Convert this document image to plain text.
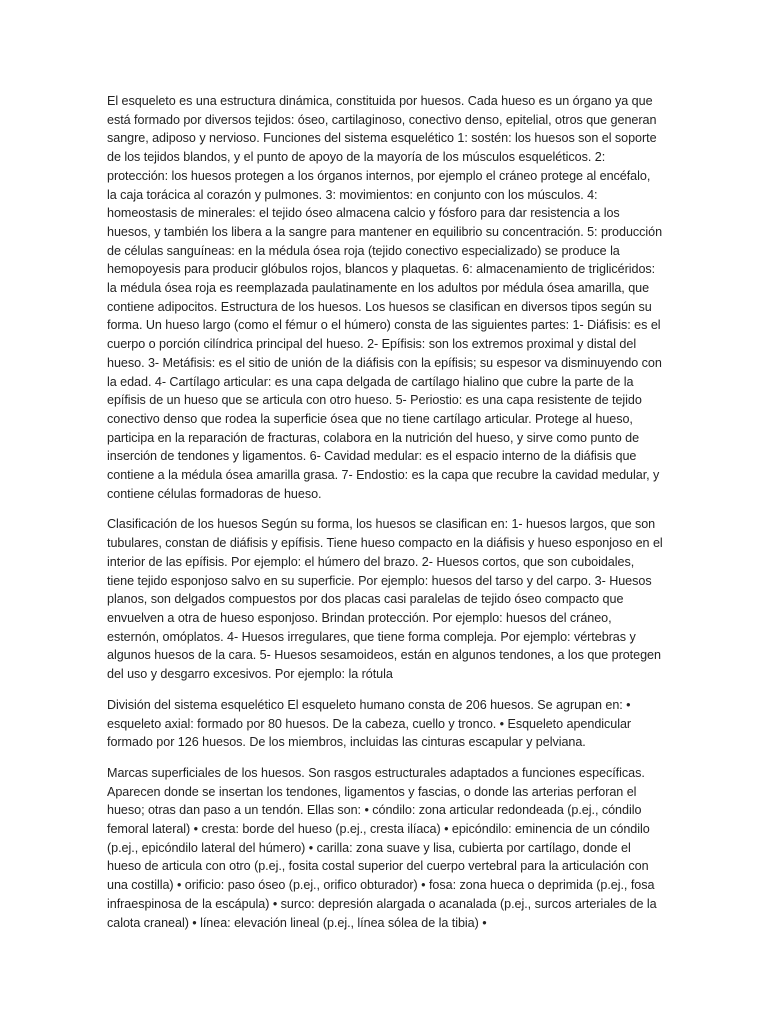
El esqueleto es una estructura dinámica, constituida por huesos. Cada hueso es un órgano ya que está formado por diversos tejidos: óseo, cartilaginoso, conectivo denso, epitelial, otros que generan sangre, adiposo y nervioso. Funciones del sistema esquelético 1: sostén: los huesos son el soporte de los tejidos blandos, y el punto de apoyo de la mayoría de los músculos esqueléticos. 2: protección: los huesos protegen a los órganos internos, por ejemplo el cráneo protege al encéfalo, la caja torácica al corazón y pulmones. 3: movimientos: en conjunto con los músculos. 4: homeostasis de minerales: el tejido óseo almacena calcio y fósforo para dar resistencia a los huesos, y también los libera a la sangre para mantener en equilibrio su concentración. 5: producción de células sanguíneas: en la médula ósea roja (tejido conectivo especializado) se produce la hemopoyesis para producir glóbulos rojos, blancos y plaquetas. 6: almacenamiento de triglicéridos: la médula ósea roja es reemplazada paulatinamente en los adultos por médula ósea amarilla, que contiene adipocitos. Estructura de los huesos. Los huesos se clasifican en diversos tipos según su forma. Un hueso largo (como el fémur o el húmero) consta de las siguientes partes: 1- Diáfisis: es el cuerpo o porción cilíndrica principal del hueso. 2- Epífisis: son los extremos proximal y distal del hueso. 3- Metáfisis: es el sitio de unión de la diáfisis con la epífisis; su espesor va disminuyendo con la edad. 4- Cartílago articular: es una capa delgada de cartílago hialino que cubre la parte de la epífisis de un hueso que se articula con otro hueso. 5- Periostio: es una capa resistente de tejido conectivo denso que rodea la superficie ósea que no tiene cartílago articular. Protege al hueso, participa en la reparación de fracturas, colabora en la nutrición del hueso, y sirve como punto de inserción de tendones y ligamentos. 6- Cavidad medular: es el espacio interno de la diáfisis que contiene a la médula ósea amarilla grasa. 7- Endostio: es la capa que recubre la cavidad medular, y contiene células formadoras de hueso.

Clasificación de los huesos Según su forma, los huesos se clasifican en: 1- huesos largos, que son tubulares, constan de diáfisis y epífisis. Tiene hueso compacto en la diáfisis y hueso esponjoso en el interior de las epífisis. Por ejemplo: el húmero del brazo. 2- Huesos cortos, que son cuboidales, tiene tejido esponjoso salvo en su superficie. Por ejemplo: huesos del tarso y del carpo. 3- Huesos planos, son delgados compuestos por dos placas casi paralelas de tejido óseo compacto que envuelven a otra de hueso esponjoso. Brindan protección. Por ejemplo: huesos del cráneo, esternón, omóplatos. 4- Huesos irregulares, que tiene forma compleja. Por ejemplo: vértebras y algunos huesos de la cara. 5- Huesos sesamoideos, están en algunos tendones, a los que protegen del uso y desgarro excesivos. Por ejemplo: la rótula

División del sistema esquelético El esqueleto humano consta de 206 huesos. Se agrupan en: • esqueleto axial: formado por 80 huesos. De la cabeza, cuello y tronco. • Esqueleto apendicular formado por 126 huesos. De los miembros, incluidas las cinturas escapular y pelviana.

Marcas superficiales de los huesos. Son rasgos estructurales adaptados a funciones específicas. Aparecen donde se insertan los tendones, ligamentos y fascias, o donde las arterias perforan el hueso; otras dan paso a un tendón. Ellas son: • cóndilo: zona articular redondeada (p.ej., cóndilo femoral lateral) • cresta: borde del hueso (p.ej., cresta ilíaca) • epicóndilo: eminencia de un cóndilo (p.ej., epicóndilo lateral del húmero) • carilla: zona suave y lisa, cubierta por cartílago, donde el hueso de articula con otro (p.ej., fosita costal superior del cuerpo vertebral para la articulación con una costilla) • orificio: paso óseo (p.ej., orifico obturador) • fosa: zona hueca o deprimida (p.ej., fosa infraespinosa de la escápula) • surco: depresión alargada o acanalada (p.ej., surcos arteriales de la calota craneal) • línea: elevación lineal (p.ej., línea sólea de la tibia) •
